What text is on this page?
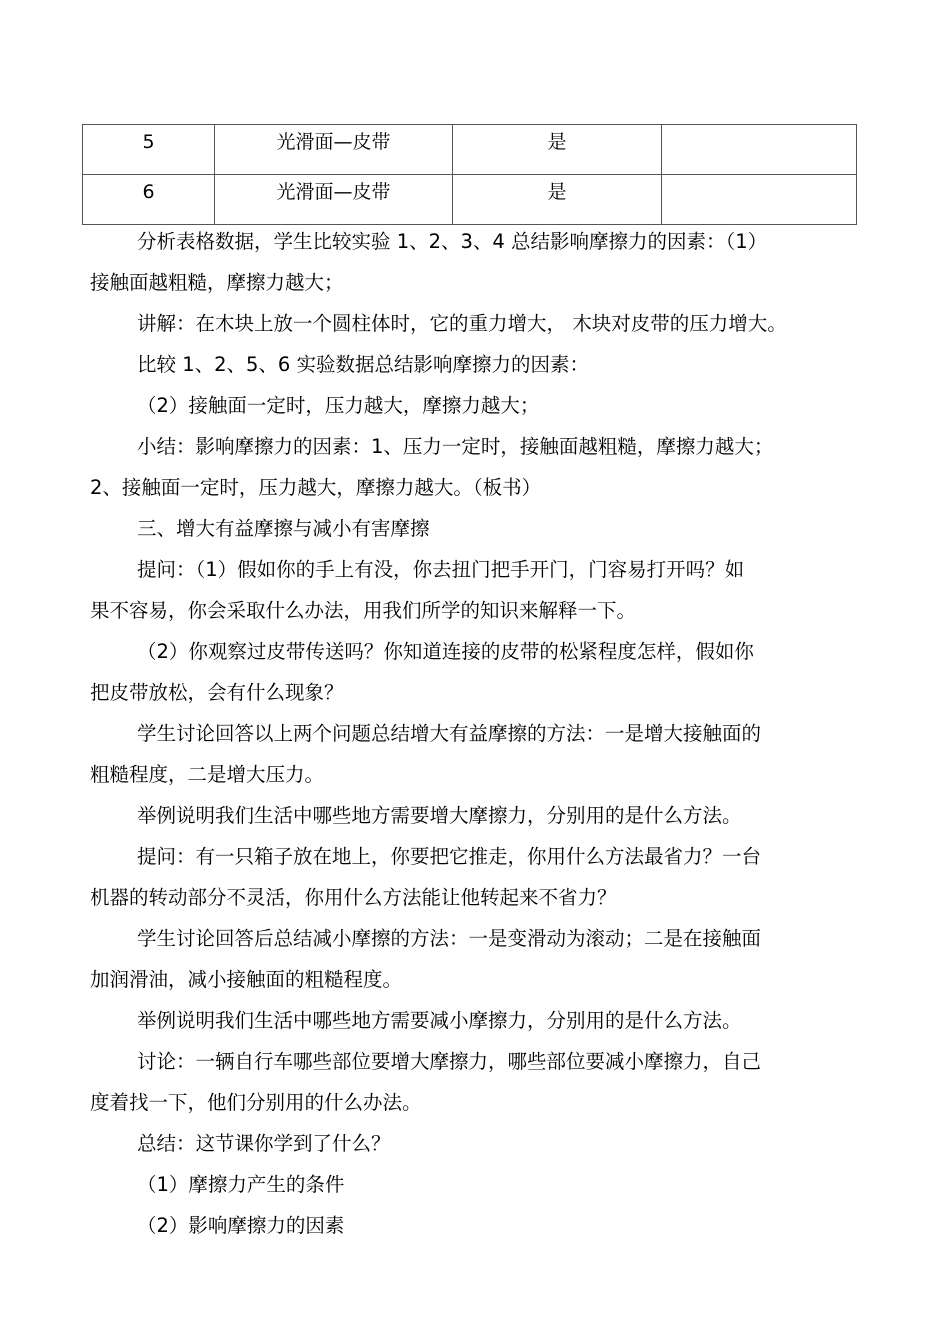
5	光滑面—皮带	是	
6	光滑面—皮带	是	
分析表格数据，学生比较实验 1、2、3、4 总结影响摩擦力的因素：（1）
接触面越粗糙，摩擦力越大；
讲解：在木块上放一个圆柱体时，它的重力增大， 木块对皮带的压力增大。
比较 1、2、5、6 实验数据总结影响摩擦力的因素：
（2）接触面一定时，压力越大，摩擦力越大；
小结：影响摩擦力的因素：1、压力一定时，接触面越粗糙，摩擦力越大；
2、接触面一定时，压力越大，摩擦力越大。（板书）
三、增大有益摩擦与减小有害摩擦
提问：（1）假如你的手上有没，你去扭门把手开门，门容易打开吗？如
果不容易，你会采取什么办法，用我们所学的知识来解释一下。
（2）你观察过皮带传送吗？你知道连接的皮带的松紧程度怎样，假如你
把皮带放松，会有什么现象？
学生讨论回答以上两个问题总结增大有益摩擦的方法：一是增大接触面的
粗糙程度，二是增大压力。
举例说明我们生活中哪些地方需要增大摩擦力，分别用的是什么方法。
提问：有一只箱子放在地上，你要把它推走，你用什么方法最省力？一台
机器的转动部分不灵活，你用什么方法能让他转起来不省力？
学生讨论回答后总结减小摩擦的方法：一是变滑动为滚动；二是在接触面
加润滑油，减小接触面的粗糙程度。
举例说明我们生活中哪些地方需要减小摩擦力，分别用的是什么方法。
讨论：一辆自行车哪些部位要增大摩擦力，哪些部位要减小摩擦力，自己
度着找一下，他们分别用的什么办法。
总结：这节课你学到了什么？
（1）摩擦力产生的条件
（2）影响摩擦力的因素
